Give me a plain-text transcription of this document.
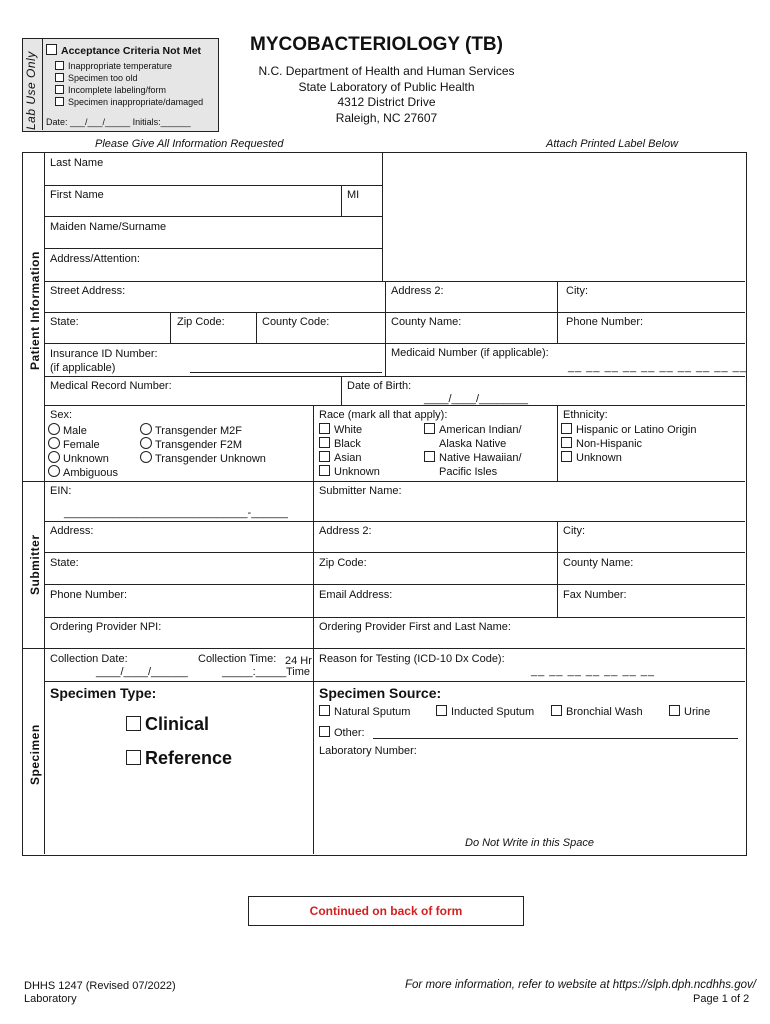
Lab Use Only
Acceptance Criteria Not Met
Inappropriate temperature
Specimen too old
Incomplete labeling/form
Specimen inappropriate/damaged
Date: ___/___/_____ Initials:______
MYCOBACTERIOLOGY (TB)
N.C. Department of Health and Human Services
State Laboratory of Public Health
4312 District Drive
Raleigh, NC 27607
Please Give All Information Requested	Attach Printed Label Below
Patient Information
Submitter
Specimen
Last Name
First Name	MI
Maiden Name/Surname
Address/Attention:
Street Address:	Address 2:	City:
State:	Zip Code:	County Code:	County Name:	Phone Number:
Insurance ID Number:
(if applicable)
Medicaid Number (if applicable):
__ __ __ __ __ __ __ __ __ __
Medical Record Number:	Date of Birth:
____/____/________
Sex:
Male
Female
Unknown
Ambiguous
Transgender M2F
Transgender F2M
Transgender Unknown
Race (mark all that apply):
White
Black
Asian
Unknown
American Indian/
Alaska Native
Native Hawaiian/
Pacific Isles
Ethnicity:
Hispanic or Latino Origin
Non-Hispanic
Unknown
EIN:
______________________________-______
Submitter Name:
Address:	Address 2:	City:
State:	Zip Code:	County Name:
Phone Number:	Email Address:	Fax Number:
Ordering Provider NPI:	Ordering Provider First and Last Name:
Collection Date:
____/____/______
Collection Time:
_____:_____
24 Hr
Time
Reason for Testing (ICD-10 Dx Code):
__ __ __ __ __ __ __
Specimen Type:
Clinical
Reference
Specimen Source:
Natural Sputum	Inducted Sputum	Bronchial Wash	Urine
Other:
Laboratory Number:
Do Not Write in this Space
Continued on back of form
DHHS 1247 (Revised 07/2022)
Laboratory
For more information, refer to website at https://slph.dph.ncdhhs.gov/
Page 1 of 2
